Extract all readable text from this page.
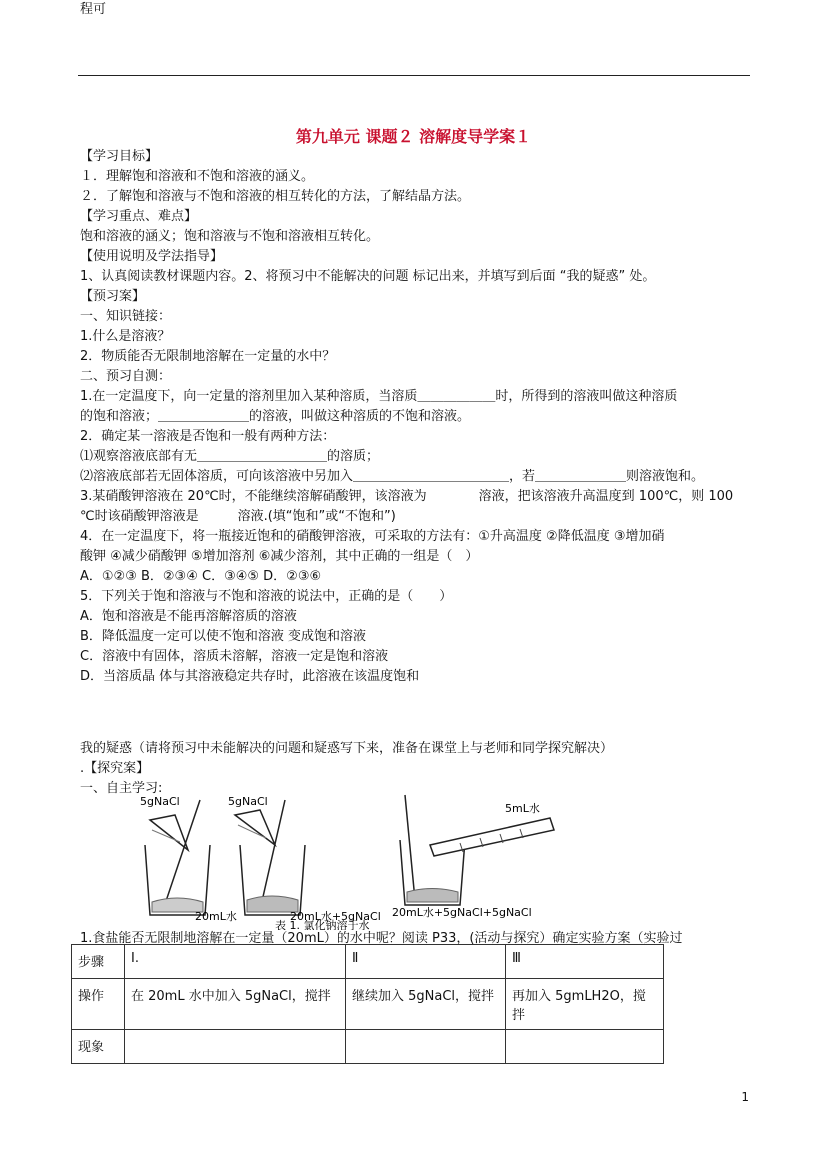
第九单元 课题２ 溶解度导学案１
【学习目标】
１．理解饱和溶液和不饱和溶液的涵义。
２．了解饱和溶液与不饱和溶液的相互转化的方法，了解结晶方法。
【学习重点、难点】
饱和溶液的涵义；饱和溶液与不饱和溶液相互转化。
【使用说明及学法指导】
1、认真阅读教材课题内容。2、将预习中不能解决的问题 标记出来，并填写到后面 “我的疑惑” 处。
【预习案】
一、知识链接：
1.什么是溶液？
2．物质能否无限制地溶解在一定量的水中？
二、预习自测：
1.在一定温度下，向一定量的溶剂里加入某种溶质，当溶质＿＿＿＿＿＿时，所得到的溶液叫做这种溶质
的饱和溶液；＿＿＿＿＿＿＿的溶液，叫做这种溶质的不饱和溶液。
2．确定某一溶液是否饱和一般有两种方法：
⑴观察溶液底部有无＿＿＿＿＿＿＿＿＿＿的溶质；
⑵溶液底部若无固体溶质，可向该溶液中另加入＿＿＿＿＿＿＿＿＿＿＿＿，若＿＿＿＿＿＿＿则溶液饱和。
3.某硝酸钾溶液在 20℃时，不能继续溶解硝酸钾，该溶液为　　　　溶液，把该溶液升高温度到 100℃，则 100
℃时该硝酸钾溶液是　　　溶液.(填“饱和”或“不饱和”)
4．在一定温度下，将一瓶接近饱和的硝酸钾溶液，可采取的方法有：①升高温度 ②降低温度 ③增加硝
酸钾 ④减少硝酸钾 ⑤增加溶剂 ⑥减少溶剂，其中正确的一组是（　）
A．①②③ B．②③④ C．③④⑤ D．②③⑥
5．下列关于饱和溶液与不饱和溶液的说法中，正确的是（　　）
A．饱和溶液是不能再溶解溶质的溶液
B．降低温度一定可以使不饱和溶液 变成饱和溶液
C．溶液中有固体，溶质未溶解，溶液一定是饱和溶液
D．当溶质晶 体与其溶液稳定共存时，此溶液在该温度饱和
我的疑惑（请将预习中未能解决的问题和疑惑写下来，准备在课堂上与老师和同学探究解决）
.【探究案】
一、自主学习:
1.食盐能否无限制地溶解在一定量（20mL）的水中呢？阅读 P33，(活动与探究）确定实验方案（实验过
程可
5gNaCl
20mL水
5gNaCl
20mL水+5gNaCl
5mL水
20mL水+5gNaCl+5gNaCl
表 1. 氯化钠溶于水
步骤	Ⅰ.	Ⅱ	Ⅲ
操作	在 20mL 水中加入 5gNaCl，搅拌	继续加入 5gNaCl，搅拌	再加入 5gmLH2O，搅拌
现象			
1
